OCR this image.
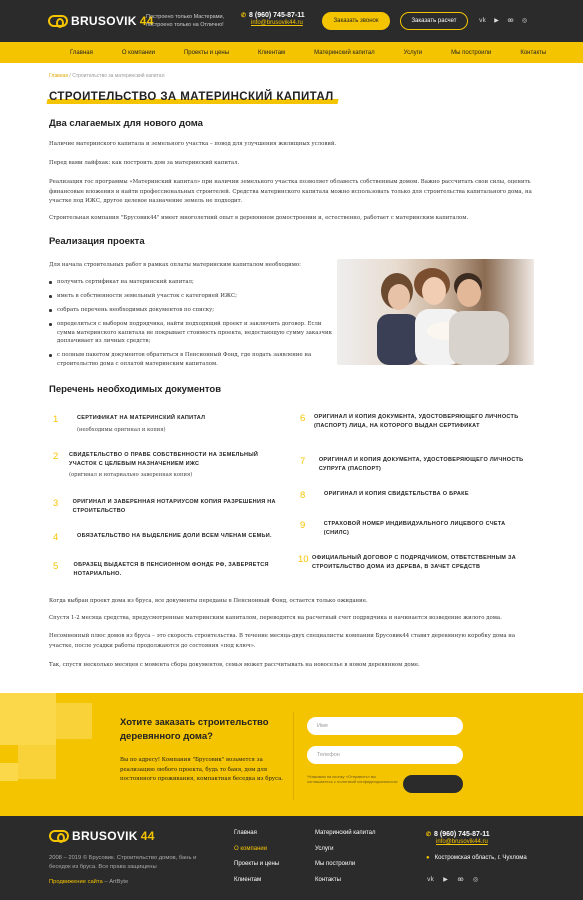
BRUSOVIK 44
Построено только Мастерами, построено только на Отлично!
✆ 8 (960) 745-87-11
info@brusovik44.ru	Заказать звонок	Заказать расчет	vk	▶	ꙭ	◎
Главная	О компании	Проекты и цены	Клиентам	Материнский капитал	Услуги	Мы построили	Контакты
Главная / Строительство за материнский капитал
СТРОИТЕЛЬСТВО ЗА МАТЕРИНСКИЙ КАПИТАЛ
Два слагаемых для нового дома
Наличие материнского капитала и земельного участка – повод для улучшения жилищных условий.
Перед вами лайфхак: как построить дом за материнский капитал.
Реализация гос программы «Материнский капитал» при наличии земельного участка позволяет облавесть собственным домом. Важно рассчитать свои силы, оценить финансовые вложения и найти профессиональных строителей. Средства материнского капитала можно использовать только для строительства капитального дома, на участке под ИЖС, другое целевое назначение земель не подходит.
Строительная компания "Брусовик44" имеет многолетний опыт в деревянном домостроении и, естественно, работает с материнским капиталом.
Реализация проекта
Для начала строительных работ в рамках оплаты материнским капиталом необходимо:
получить сертификат на материнский капитал;
иметь в собственности земельный участок с категорией ИЖС;
собрать перечень необходимых документов по списку;
определиться с выбором подрядчика, найти подходящий проект и заключить договор. Если сумма материнского капитала не покрывает стоимость проекта, недостающую сумму заказчик доплачивает из личных средств;
с полным пакетом документов обратиться в Пенсионный Фонд, где подать заявление на строительство дома с оплатой материнским капиталом.
Перечень необходимых документов
1	СЕРТИФИКАТ НА МАТЕРИНСКИЙ КАПИТАЛ
(необходимы оригинал и копия)
2	СВИДЕТЕЛЬСТВО О ПРАВЕ СОБСТВЕННОСТИ НА ЗЕМЕЛЬНЫЙ УЧАСТОК С ЦЕЛЕВЫМ НАЗНАЧЕНИЕМ ИЖС
(оригинал и нотариально заверенная копия)
3	ОРИГИНАЛ И ЗАВЕРЕННАЯ НОТАРИУСОМ КОПИЯ РАЗРЕШЕНИЯ НА СТРОИТЕЛЬСТВО
4	ОБЯЗАТЕЛЬСТВО НА ВЫДЕЛЕНИЕ ДОЛИ ВСЕМ ЧЛЕНАМ СЕМЬИ.
5	ОБРАЗЕЦ ВЫДАЕТСЯ В ПЕНСИОННОМ ФОНДЕ РФ, ЗАВЕРЯЕТСЯ НОТАРИАЛЬНО.
6	ОРИГИНАЛ И КОПИЯ ДОКУМЕНТА, УДОСТОВЕРЯЮЩЕГО ЛИЧНОСТЬ (ПАСПОРТ) ЛИЦА, НА КОТОРОГО ВЫДАН СЕРТИФИКАТ
7	ОРИГИНАЛ И КОПИЯ ДОКУМЕНТА, УДОСТОВЕРЯЮЩЕГО ЛИЧНОСТЬ СУПРУГА (ПАСПОРТ)
8	ОРИГИНАЛ И КОПИЯ СВИДЕТЕЛЬСТВА О БРАКЕ
9	СТРАХОВОЙ НОМЕР ИНДИВИДУАЛЬНОГО ЛИЦЕВОГО СЧЕТА (СНИЛС)
10 ОФИЦИАЛЬНЫЙ ДОГОВОР С ПОДРЯДЧИКОМ, ОТВЕТСТВЕННЫМ ЗА СТРОИТЕЛЬСТВО ДОМА ИЗ ДЕРЕВА, В ЗАЧЕТ СРЕДСТВ
Когда выбран проект дома из бруса, все документы переданы в Пенсионный Фонд, остается только ожидание.
Спустя 1-2 месяца средства, предусмотренные материнским капиталом, переводятся на расчетный счет подрядчика и начинается возведение жилого дома.
Несомненный плюс домов из бруса – это скорость строительства. В течение месяца-двух специалисты компании Брусовик44 ставит деревянную коробку дома на участке, после усадки работы продолжаются до состояния «под ключ».
Так, спустя несколько месяцев с момента сбора документов, семья может рассчитывать на новоселье в новом деревянном доме.
Хотите заказать строительство деревянного дома?
Вы по адресу! Компания "Брусовик" возьмется за реализацию любого проекта, будь то баня, дом для постоянного проживания, компактная беседка из бруса.
Имя
Телефон
*Нажимая на кнопку «Отправить» вы соглашаетесь с политикой конфиденциальности
BRUSOVIK 44
2008 – 2019 © Брусовик. Строительство домов, бань и беседок из бруса. Все права защищены
Продвижение сайта – ArtByte
Главная
О компании
Проекты и цены
Клиентам
Материнский капитал
Услуги
Мы построили
Контакты
✆ 8 (960) 745-87-11
info@brusovik44.ru
● Костромская область, г. Чухлома
vk	▶	ꙭ	◎
